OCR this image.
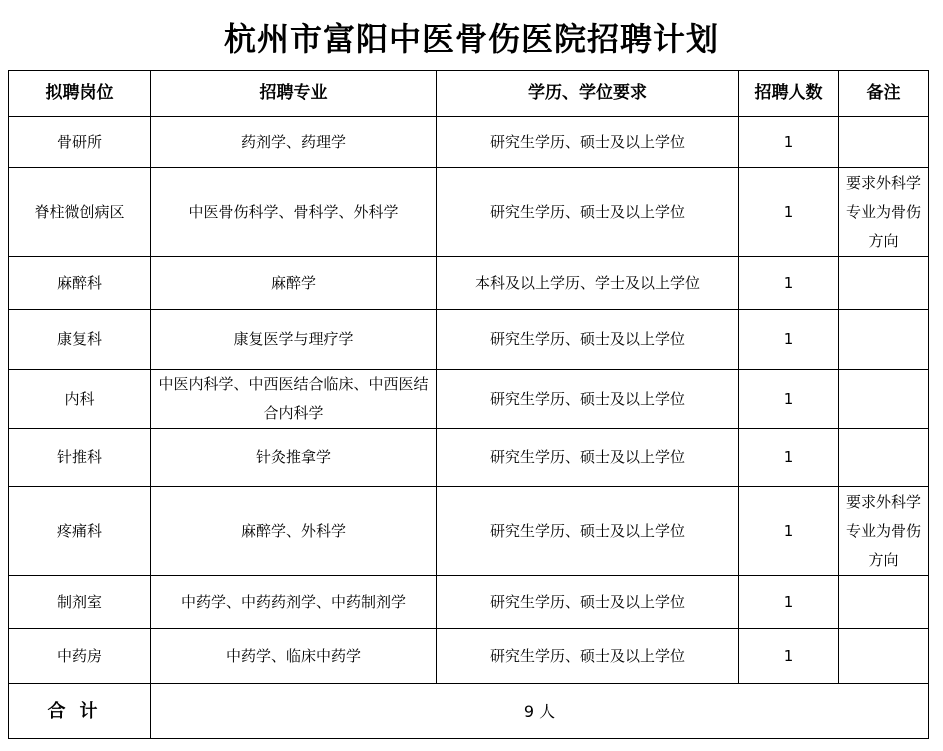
杭州市富阳中医骨伤医院招聘计划
拟聘岗位	招聘专业	学历、学位要求	招聘人数	备注
骨研所	药剂学、药理学	研究生学历、硕士及以上学位	1	
脊柱微创病区	中医骨伤科学、骨科学、外科学	研究生学历、硕士及以上学位	1	要求外科学专业为骨伤方向
麻醉科	麻醉学	本科及以上学历、学士及以上学位	1	
康复科	康复医学与理疗学	研究生学历、硕士及以上学位	1	
内科	中医内科学、中西医结合临床、中西医结合内科学	研究生学历、硕士及以上学位	1	
针推科	针灸推拿学	研究生学历、硕士及以上学位	1	
疼痛科	麻醉学、外科学	研究生学历、硕士及以上学位	1	要求外科学专业为骨伤方向
制剂室	中药学、中药药剂学、中药制剂学	研究生学历、硕士及以上学位	1	
中药房	中药学、临床中药学	研究生学历、硕士及以上学位	1	
合计	9 人			
